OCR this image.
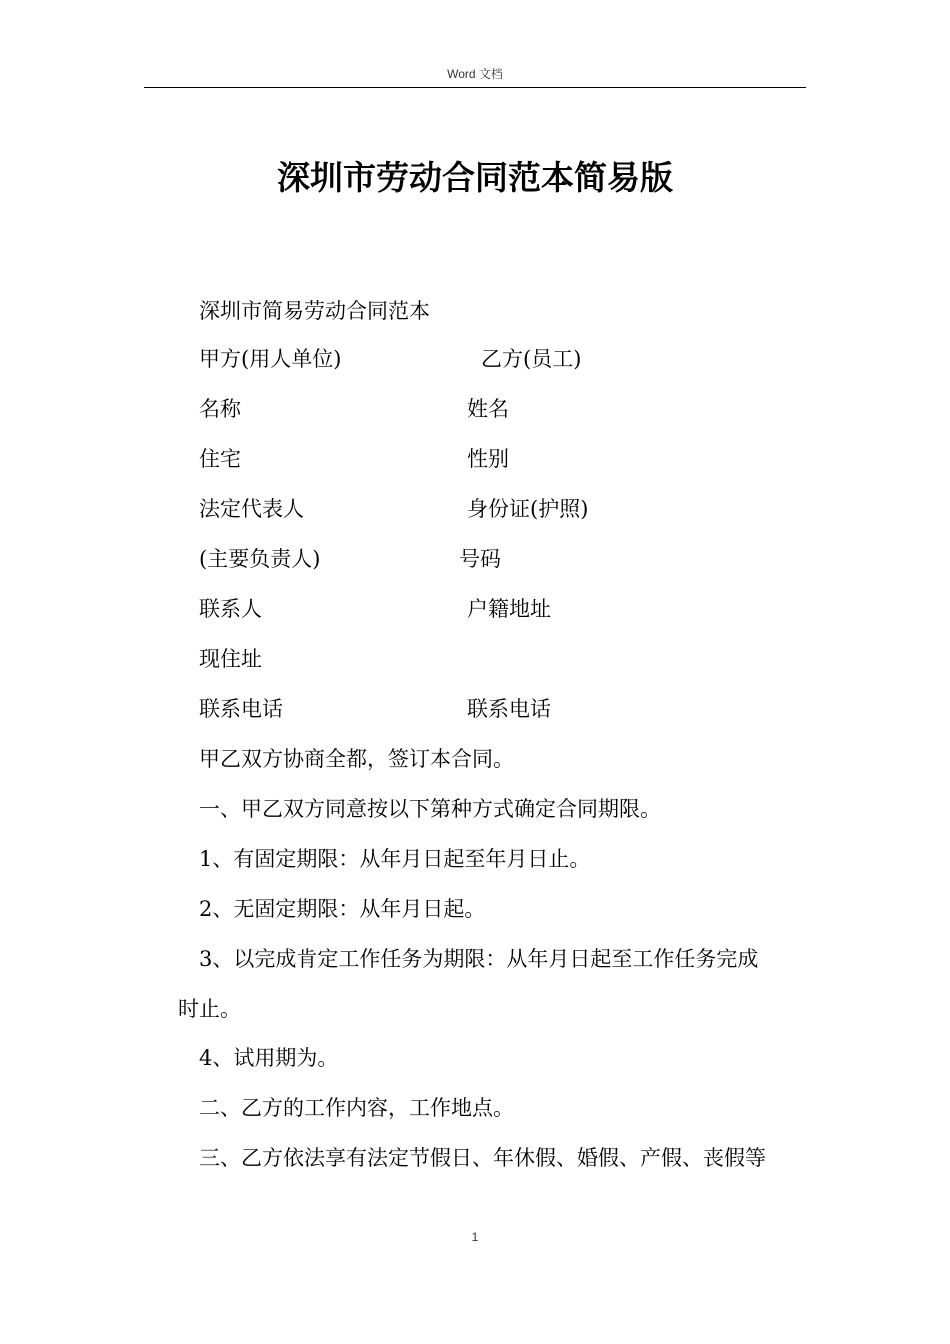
Word 文档
深圳市劳动合同范本简易版
深圳市简易劳动合同范本
甲方(用人单位)	乙方(员工)
名称	姓名
住宅	性别
法定代表人	身份证(护照)
(主要负责人)	号码
联系人	户籍地址
现住址
联系电话	联系电话
甲乙双方协商全都，签订本合同。
一、甲乙双方同意按以下第种方式确定合同期限。
1、有固定期限：从年月日起至年月日止。
2、无固定期限：从年月日起。
3、以完成肯定工作任务为期限：从年月日起至工作任务完成
时止。
4、试用期为。
二、乙方的工作内容，工作地点。
三、乙方依法享有法定节假日、年休假、婚假、产假、丧假等
1
